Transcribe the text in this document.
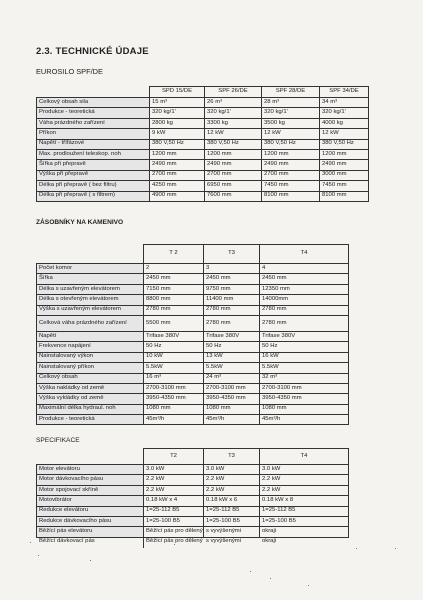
2.3. TECHNICKÉ ÚDAJE
EUROSILO SPF/DE
	SPD 15/DE	SPF 26/DE	SPF 28/DE	SPF 34/DE
Celkový obsah sila	15 m³	26 m³	28 m³	34 m³
Produkce - teoretická	320 kg/1'	320 kg/1'	320 kg/1'	320 kg/1'
Váha prázdného zařízení	2800 kg	3300 kg	3500 kg	4000 kg
Příkon	9 kW	12 kW	12 kW	12 kW
Napětí - třífázové	380 V,50 Hz	380 V,50 Hz	380 V,50 Hz	380 V,50 Hz
Max. prodloužení teleskop. noh	1200 mm	1200 mm	1200 mm	1200 mm
Šířka při přepravě	2490 mm	2490 mm	2490 mm	2490 mm
Výška při přepravě	2700 mm	2700 mm	2700 mm	3000 mm
Délka při přepravě ( bez filtru)	4250 mm	6950 mm	7450 mm	7450 mm
Délka při přepravě ( s filtrem)	4900 mm	7600 mm	8100 mm	8100 mm
ZÁSOBNÍKY NA KAMENIVO
	T 2	T3	T4
Počet komor	2	3	4
Šířka	2450 mm	2450 mm	2450 mm
Délka s uzavřeným elevátorem	7150 mm	9750 mm	12350 mm
Délka s otevřeným elevátorem	8800 mm	11400 mm	14000mm
Výška s uzavřeným elevátorem	2780 mm	2780 mm	2780 mm
Celková váha prázdného zařízení	5500 mm	2780 mm	2780 mm
Napětí	Trifase 380V	Trifase 380V	Trifase 380V
Frekvence napájení	50 Hz	50 Hz	50 Hz
Nainstalovaný výkon	10 kW	13 kW	16 kW
Nainstalovaný příkon	5.5kW	5.5kW	5.5kW
Celkový obsah	16 m³	24 m³	32 m³
Výška nakládky od země	2700-3100 mm	2700-3100 mm	2700-3100 mm
Výška vykládky od země	3950-4350 mm	3950-4350 mm	3950-4350 mm
Maximální délka hydraul. noh	1080 mm	1080 mm	1080 mm
Produkce - teoretická	45m³/h	45m³/h	45m³/h
SPECIFIKACE
	T2	T3	T4
Motor elevátoru	3.0 kW	3.0 kW	3.0 kW
Motor dávkovacího pásu	2.2 kW	2.2 kW	2.2 kW
Motor spojovací skříně	2.2 kW	2.2 kW	2.2 kW
Motovibrátor	0.18 kW x 4	0.18 kW x 6	0.18 kW x 8
Redukce elevátoru	1=25-112 B5	1=25-112 B5	1=25-112 B5
Redukce dávkovacího pásu	1=25-100 B5	1=25-100 B5	1=25-100 B5
Běžící pás elevátoru	Běžící pás pro dělený	s vyvýšenými	okraji
Běžící dávkovací pás	Běžící pás pro dělený	s vyvýšenými	okraji
